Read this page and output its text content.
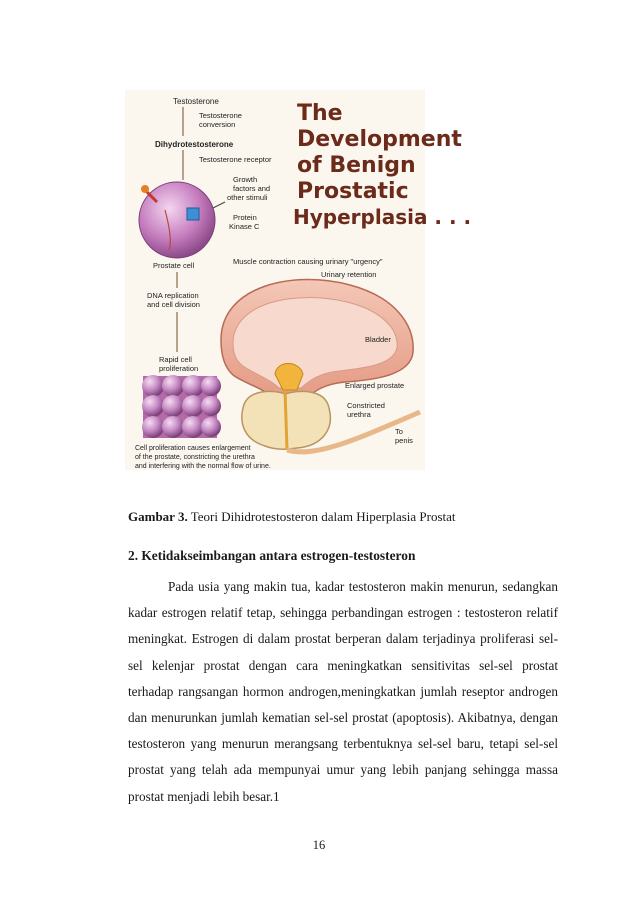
The
Development
of Benign
Prostatic
Hyperplasia . . .
Testosterone
Testosterone
conversion
Dihydrotestosterone
Testosterone receptor
Growth
factors and
other stimuli
Protein
Kinase C
Prostate cell
DNA replication
and cell division
Rapid cell
proliferation
Muscle contraction causing urinary "urgency"
Urinary retention
Bladder
Enlarged prostate
Constricted
urethra
To
penis
Cell proliferation causes enlargement
of the prostate, constricting the urethra
and interfering with the normal flow of urine.
Gambar 3. Teori Dihidrotestosteron dalam Hiperplasia Prostat
2. Ketidakseimbangan antara estrogen-testosteron

Pada usia yang makin tua, kadar testosteron makin menurun, sedangkan kadar estrogen relatif tetap, sehingga perbandingan estrogen : testosteron relatif meningkat. Estrogen di dalam prostat berperan dalam terjadinya proliferasi sel-sel kelenjar prostat dengan cara meningkatkan sensitivitas sel-sel prostat terhadap rangsangan hormon androgen,meningkatkan jumlah reseptor androgen dan menurunkan jumlah kematian sel-sel prostat (apoptosis). Akibatnya, dengan testosteron yang menurun merangsang terbentuknya sel-sel baru, tetapi sel-sel prostat yang telah ada mempunyai umur yang lebih panjang sehingga massa prostat menjadi lebih besar.1

16
